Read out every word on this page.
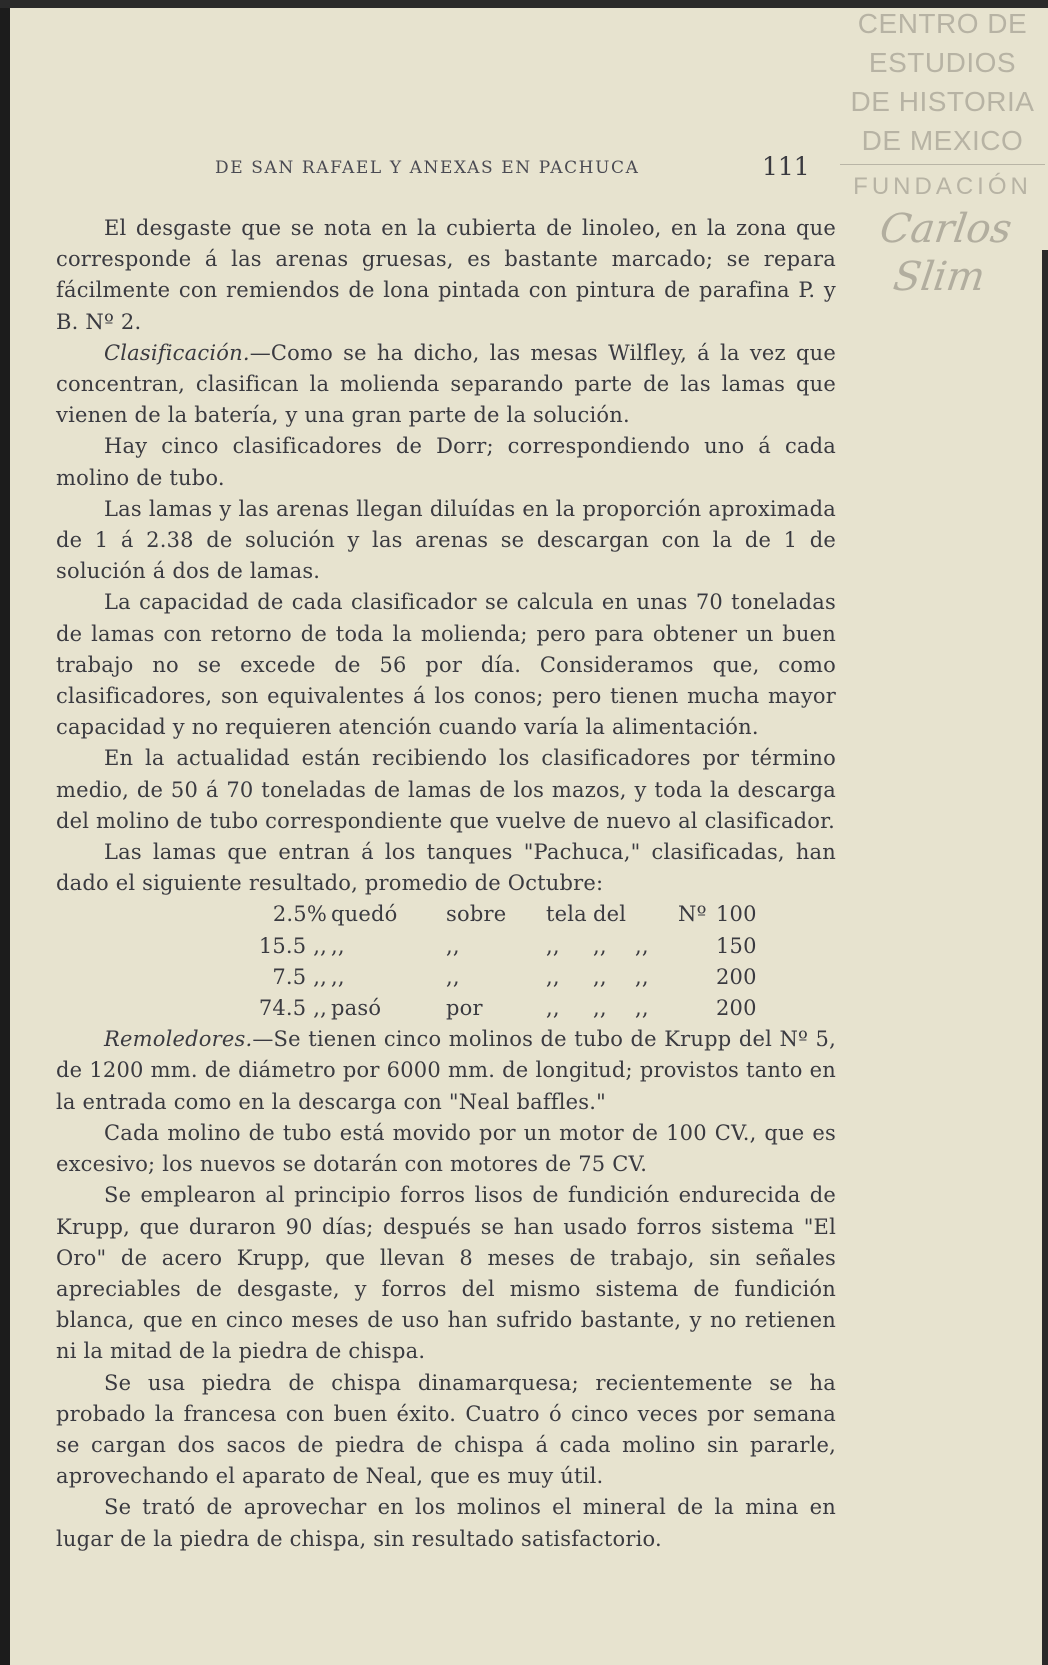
CENTRO DE
ESTUDIOS
DE HISTORIA
DE MEXICO
FUNDACIÓN
Carlos Slim
DE SAN RAFAEL Y ANEXAS EN PACHUCA	111

El desgaste que se nota en la cubierta de linoleo, en la zona que corresponde á las arenas gruesas, es bastante marcado; se repara fácilmente con remiendos de lona pintada con pintura de parafina P. y B. Nº 2.

Clasificación.—Como se ha dicho, las mesas Wilfley, á la vez que concentran, clasifican la molienda separando parte de las lamas que vienen de la batería, y una gran parte de la solución.

Hay cinco clasificadores de Dorr; correspondiendo uno á cada molino de tubo.

Las lamas y las arenas llegan diluídas en la proporción aproximada de 1 á 2.38 de solución y las arenas se descargan con la de 1 de solución á dos de lamas.

La capacidad de cada clasificador se calcula en unas 70 toneladas de lamas con retorno de toda la molienda; pero para obtener un buen trabajo no se excede de 56 por día. Consideramos que, como clasificadores, son equivalentes á los conos; pero tienen mucha mayor capacidad y no requieren atención cuando varía la alimentación.

En la actualidad están recibiendo los clasificadores por término medio, de 50 á 70 toneladas de lamas de los mazos, y toda la descarga del molino de tubo correspondiente que vuelve de nuevo al clasificador.

Las lamas que entran á los tanques "Pachuca," clasificadas, han dado el siguiente resultado, promedio de Octubre:

2.5%	quedó	sobre	tela	del		Nº	100
15.5 ,,	,,	,,	,,	,,	,,		150
7.5 ,,	,,	,,	,,	,,	,,		200
74.5 ,,	pasó	por	,,	,,	,,		200

Remoledores.—Se tienen cinco molinos de tubo de Krupp del Nº 5, de 1200 mm. de diámetro por 6000 mm. de longitud; provistos tanto en la entrada como en la descarga con "Neal baffles."

Cada molino de tubo está movido por un motor de 100 CV., que es excesivo; los nuevos se dotarán con motores de 75 CV.

Se emplearon al principio forros lisos de fundición endurecida de Krupp, que duraron 90 días; después se han usado forros sistema "El Oro" de acero Krupp, que llevan 8 meses de trabajo, sin señales apreciables de desgaste, y forros del mismo sistema de fundición blanca, que en cinco meses de uso han sufrido bastante, y no retienen ni la mitad de la piedra de chispa.

Se usa piedra de chispa dinamarquesa; recientemente se ha probado la francesa con buen éxito. Cuatro ó cinco veces por semana se cargan dos sacos de piedra de chispa á cada molino sin pararle, aprovechando el aparato de Neal, que es muy útil.

Se trató de aprovechar en los molinos el mineral de la mina en lugar de la piedra de chispa, sin resultado satisfactorio.
